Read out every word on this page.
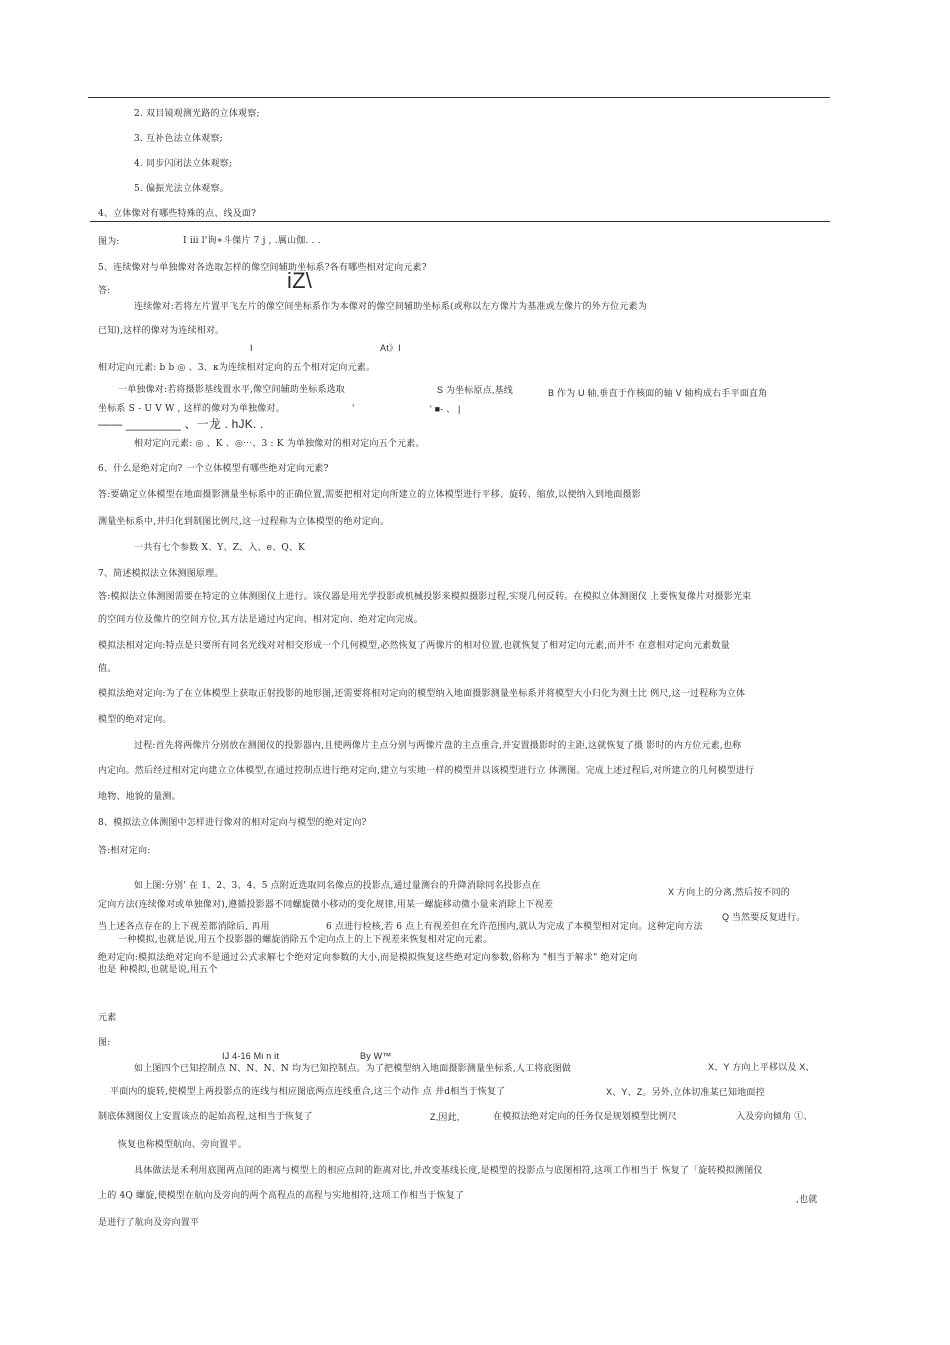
2. 双目镜观测光路的立体观察;
3. 互补色法立体观察;
4. 同步闪闭法立体观察;
5. 偏振光法立体观察。
4、立体像对有哪些特殊的点、线及面?
图为:	I ⅲ l'询∗斗傑片 7 j , .厲山伽. . .
5、连续像对与单独像对各选取怎样的像空间辅助坐标系?各有哪些相对定向元素?
答:	iZ\
连续像对:若将左片置平飞左片的像空间坐标系作为本像对的像空间辅助坐标系(或称以左方像片为基准或左像片的外方位元素为
已知),这样的像对为连续相对。
I	At》I
相对定向元素: b b ◎ 、3、κ为连续相对定向的五个相对定向元素。
一单独像对:若将摄影基线置水平,像空间辅助坐标系选取	S 为坐标原点,基线	B 作为 U 轴,垂直于作核面的轴 V 轴构成右手平面直角
坐标系 S - U V W , 这样的像对为单独像对。	'	' ■- 、 |
—— ________ 、一龙 . hJK. .
相对定向元素: ◎ 、K 、◎⋯、3 : K 为单独像对的相对定向五个元素。
6、什么是绝对定向? 一个立体模型有哪些绝对定向元素?
答:要确定立体模型在地面摄影测量坐标系中的正确位置,需要把相对定向所建立的立体模型进行平移、旋转、缩放,以便纳入到地面摄影
测量坐标系中,并归化到制图比例尺,这一过程称为立体模型的绝对定向。
一共有七个参数 X、Y、Z、入、e、Q、K
7、简述模拟法立体测图原理。
答:模拟法立体测图需要在特定的立体测图仪上进行。该仪器是用光学投影或机械投影来模拟摄影过程,实现几何反转。在模拟立体测图仪 上要恢复像片对摄影光束
的空间方位及像片的空间方位,其方法是通过内定向、相对定向、绝对定向完成。
模拟法相对定向:特点是只要所有同名光线对对相交形成一个几何模型,必然恢复了两像片的相对位置,也就恢复了相对定向元素,而并不 在意相对定向元素数量
值。
模拟法绝对定向:为了在立体模型上获取正射投影的地形图,还需要将相对定向的模型纳入地面摄影测量坐标系并将模型大小归化为测土比 例尺,这一过程称为立体
模型的绝对定向。
过程:首先将两像片分别放在测图仪的投影器内,且使两像片主点分别与两像片盘的主点重合,并安置摄影时的主距,这就恢复了摄 影时的内方位元素,也称
内定向。然后经过相对定向建立立体模型,在通过控制点进行绝对定向,建立与实地一样的模型并以该模型进行立 体测图。完成上述过程后,对所建立的几何模型进行
地物、地貌的量测。
8、模拟法立体测图中怎样进行像对的相对定向与模型的绝对定向?
答:相对定向:
如上图:分别' 在 1、2、3、4、5 点附近选取同名像点的投影点,通过量测台的升降消除同名投影点在
X 方向上的分离,然后按不同的
定向方法(连续像对或单独像对),遵循投影器不同螺旋微小移动的变化规律,用某一螺旋移动微小量来消除上下视差
Q 当然要反复进行。
当上述各点存在的上下视差都消除后, 再用	6 点进行检核,若 6 点上有视差但在允许范围内,就认为完成了本模型相对定向。这种定向方法
一种模拟,也就是说,用五个投影器的螺旋消除五个定向点上的上下视差来恢复相对定向元素。
绝对定向:模拟法绝对定向不是通过公式求解七个绝对定向参数的大小,而是模拟恢复这些绝对定向参数,俗称为 "相当于解求" 绝对定向
也是 种模拟,也就是说,用五个
元素
图:
IJ 4-16 Mi n it	By W™
如上图四个已知控制点 N、N、N、N 均为已知控制点。为了把模型纳入地面摄影测量坐标系,人工将底图做	X、Y 方向上平移以及 X、
平面内的旋转,使模型上两投影点的连线与相应图底两点连线重合,这三个动作 点 并d相当于恢复了	X、Y、Z。另外,立体切准某已知地面控
制底体测图仪上安置该点的起始高程,这相当于恢复了	Z,因此,	在模拟法绝对定向的任务仅是规划模型比例尺	入及旁向倾角 ①、
恢复也称模型航向、旁向置平。
具体做法是禾利用底图两点间的距离与模型上的相应点间的距离对比,并改变基线长度,是模型的投影点与底图相符,这项工作相当于 恢复了「旋转模拟测图仪
上的 4Q 螺旋,使模型在航向及旁向的两个高程点的高程与实地相符,这项工作相当于恢复了	,也就
是进行了航向及旁向置平
